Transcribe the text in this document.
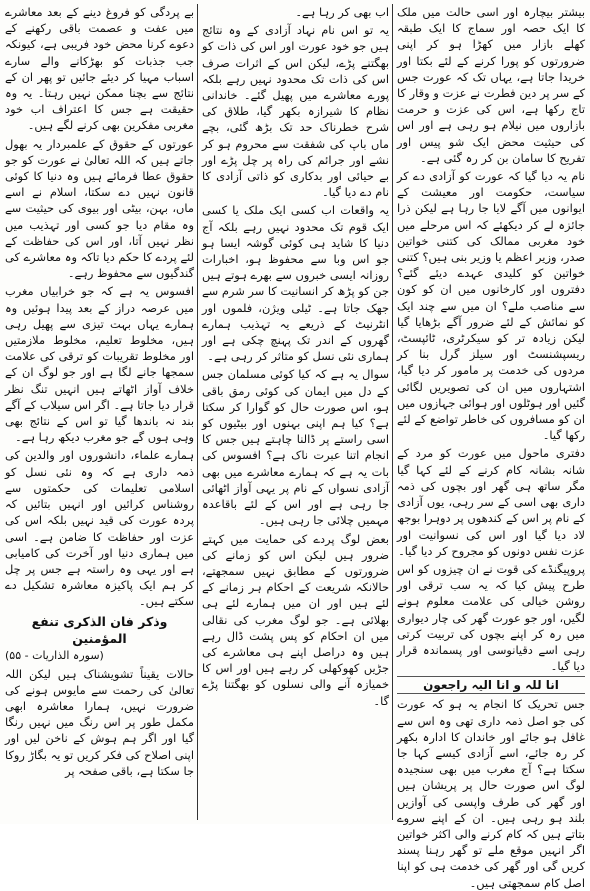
بیشتر بیچارہ اور اسی حالت میں ملک کا ایک حصہ اور سماج کا ایک طبقہ کھلے بازار میں کھڑا ہو کر اپنی ضرورتوں کو پورا کرنے کے لئے بکتا اور خریدا جاتا ہے، یہاں تک کہ عورت جس کے سر پر دین فطرت نے عزت و وقار کا تاج رکھا ہے، اس کی عزت و حرمت بازاروں میں نیلام ہو رہی ہے اور اس کی حیثیت محض ایک شو پیس اور تفریح کا سامان بن کر رہ گئی ہے۔

نام یہ دیا گیا کہ عورت کو آزادی دے کر سیاست، حکومت اور معیشت کے ایوانوں میں آگے لایا جا رہا ہے لیکن ذرا جائزہ لے کر دیکھئے کہ اس مرحلے میں خود مغربی ممالک کی کتنی خواتین صدر، وزیر اعظم یا وزیر بنی ہیں؟ کتنی خواتین کو کلیدی عہدے دیئے گئے؟ دفتروں اور کارخانوں میں ان کو کون سے مناصب ملے؟ ان میں سے چند ایک کو نمائش کے لئے ضرور آگے بڑھایا گیا لیکن زیادہ تر کو سیکرٹری، ٹائپسٹ، ریسپشنسٹ اور سیلز گرل بنا کر مردوں کی خدمت پر مامور کر دیا گیا، اشتہاروں میں ان کی تصویریں لگائی گئیں اور ہوٹلوں اور ہوائی جہازوں میں ان کو مسافروں کی خاطر تواضع کے لئے رکھا گیا۔

دفتری ماحول میں عورت کو مرد کے شانہ بشانہ کام کرنے کے لئے کہا گیا مگر ساتھ ہی گھر اور بچوں کی ذمہ داری بھی اسی کے سر رہی، یوں آزادی کے نام پر اس کے کندھوں پر دوہرا بوجھ لاد دیا گیا اور اس کی نسوانیت اور عزت نفس دونوں کو مجروح کر دیا گیا۔

پروپیگنڈے کی قوت نے ان چیزوں کو اس طرح پیش کیا کہ یہ سب ترقی اور روشن خیالی کی علامت معلوم ہونے لگیں، اور جو عورت گھر کی چار دیواری میں رہ کر اپنے بچوں کی تربیت کرتی رہی اسے دقیانوسی اور پسماندہ قرار دیا گیا۔

انا للہ و انا الیہ راجعون

جس تحریک کا انجام یہ ہو کہ عورت کی جو اصل ذمہ داری تھی وہ اس سے غافل ہو جائے اور خاندان کا ادارہ بکھر کر رہ جائے، اسے آزادی کیسے کہا جا سکتا ہے؟ آج مغرب میں بھی سنجیدہ لوگ اس صورت حال پر پریشان ہیں اور گھر کی طرف واپسی کی آوازیں بلند ہو رہی ہیں۔ ان کے اپنے سروے بتاتے ہیں کہ کام کرنے والی اکثر خواتین اگر انہیں موقع ملے تو گھر رہنا پسند کریں گی اور گھر کی خدمت ہی کو اپنا اصل کام سمجھتی ہیں۔

اب بھی کر رہا ہے۔

یہ تو اس نام نہاد آزادی کے وہ نتائج ہیں جو خود عورت اور اس کی ذات کو بھگتنے پڑے، لیکن اس کے اثرات صرف اس کی ذات تک محدود نہیں رہے بلکہ پورے معاشرے میں پھیل گئے۔ خاندانی نظام کا شیرازہ بکھر گیا، طلاق کی شرح خطرناک حد تک بڑھ گئی، بچے ماں باپ کی شفقت سے محروم ہو کر نشے اور جرائم کی راہ پر چل پڑے اور بے حیائی اور بدکاری کو ذاتی آزادی کا نام دے دیا گیا۔

یہ واقعات اب کسی ایک ملک یا کسی ایک قوم تک محدود نہیں رہے بلکہ آج دنیا کا شاید ہی کوئی گوشہ ایسا ہو جو اس وبا سے محفوظ ہو، اخبارات روزانہ ایسی خبروں سے بھرے ہوتے ہیں جن کو پڑھ کر انسانیت کا سر شرم سے جھک جاتا ہے۔ ٹیلی ویژن، فلموں اور انٹرنیٹ کے ذریعے یہ تہذیب ہمارے گھروں کے اندر تک پہنچ چکی ہے اور ہماری نئی نسل کو متاثر کر رہی ہے۔

سوال یہ ہے کہ کیا کوئی مسلمان جس کے دل میں ایمان کی کوئی رمق باقی ہو، اس صورت حال کو گوارا کر سکتا ہے؟ کیا ہم اپنی بہنوں اور بیٹیوں کو اسی راستے پر ڈالنا چاہتے ہیں جس کا انجام اتنا عبرت ناک ہے؟ افسوس کی بات یہ ہے کہ ہمارے معاشرے میں بھی آزادی نسواں کے نام پر یہی آواز اٹھائی جا رہی ہے اور اس کے لئے باقاعدہ مہمیں چلائی جا رہی ہیں۔

بعض لوگ پردے کی حمایت میں کہتے ضرور ہیں لیکن اس کو زمانے کی ضرورتوں کے مطابق نہیں سمجھتے، حالانکہ شریعت کے احکام ہر زمانے کے لئے ہیں اور ان میں ہمارے لئے ہی بھلائی ہے۔ جو لوگ مغرب کی نقالی میں ان احکام کو پس پشت ڈال رہے ہیں وہ دراصل اپنے ہی معاشرے کی جڑیں کھوکھلی کر رہے ہیں اور اس کا خمیازہ آنے والی نسلوں کو بھگتنا پڑے گا۔

بے پردگی کو فروغ دینے کے بعد معاشرے میں عفت و عصمت باقی رکھنے کے دعوے کرنا محض خود فریبی ہے، کیونکہ جب جذبات کو بھڑکانے والے سارے اسباب مہیا کر دیئے جائیں تو پھر ان کے نتائج سے بچنا ممکن نہیں رہتا۔ یہ وہ حقیقت ہے جس کا اعتراف اب خود مغربی مفکرین بھی کرنے لگے ہیں۔

عورتوں کے حقوق کے علمبردار یہ بھول جاتے ہیں کہ اللہ تعالیٰ نے عورت کو جو حقوق عطا فرمائے ہیں وہ دنیا کا کوئی قانون نہیں دے سکتا، اسلام نے اسے ماں، بہن، بیٹی اور بیوی کی حیثیت سے وہ مقام دیا جو کسی اور تہذیب میں نظر نہیں آتا، اور اس کی حفاظت کے لئے پردے کا حکم دیا تاکہ وہ معاشرے کی گندگیوں سے محفوظ رہے۔

افسوس یہ ہے کہ جو خرابیاں مغرب میں عرصہ دراز کے بعد پیدا ہوئیں وہ ہمارے یہاں بہت تیزی سے پھیل رہی ہیں، مخلوط تعلیم، مخلوط ملازمتیں اور مخلوط تقریبات کو ترقی کی علامت سمجھا جانے لگا ہے اور جو لوگ ان کے خلاف آواز اٹھاتے ہیں انہیں تنگ نظر قرار دیا جاتا ہے۔ اگر اس سیلاب کے آگے بند نہ باندھا گیا تو اس کے نتائج بھی وہی ہوں گے جو مغرب دیکھ رہا ہے۔

ہمارے علماء، دانشوروں اور والدین کی ذمہ داری ہے کہ وہ نئی نسل کو اسلامی تعلیمات کی حکمتوں سے روشناس کرائیں اور انہیں بتائیں کہ پردہ عورت کی قید نہیں بلکہ اس کی عزت اور حفاظت کا ضامن ہے۔ اسی میں ہماری دنیا اور آخرت کی کامیابی ہے اور یہی وہ راستہ ہے جس پر چل کر ہم ایک پاکیزہ معاشرہ تشکیل دے سکتے ہیں۔

وذکر فان الذکری تنفع المؤمنین

(سورہ الذاریات - ۵۵)

حالات یقیناً تشویشناک ہیں لیکن اللہ تعالیٰ کی رحمت سے مایوس ہونے کی ضرورت نہیں، ہمارا معاشرہ ابھی مکمل طور پر اس رنگ میں نہیں رنگا گیا اور اگر ہم ہوش کے ناخن لیں اور اپنی اصلاح کی فکر کریں تو یہ بگاڑ روکا جا سکتا ہے، باقی صفحہ پر
